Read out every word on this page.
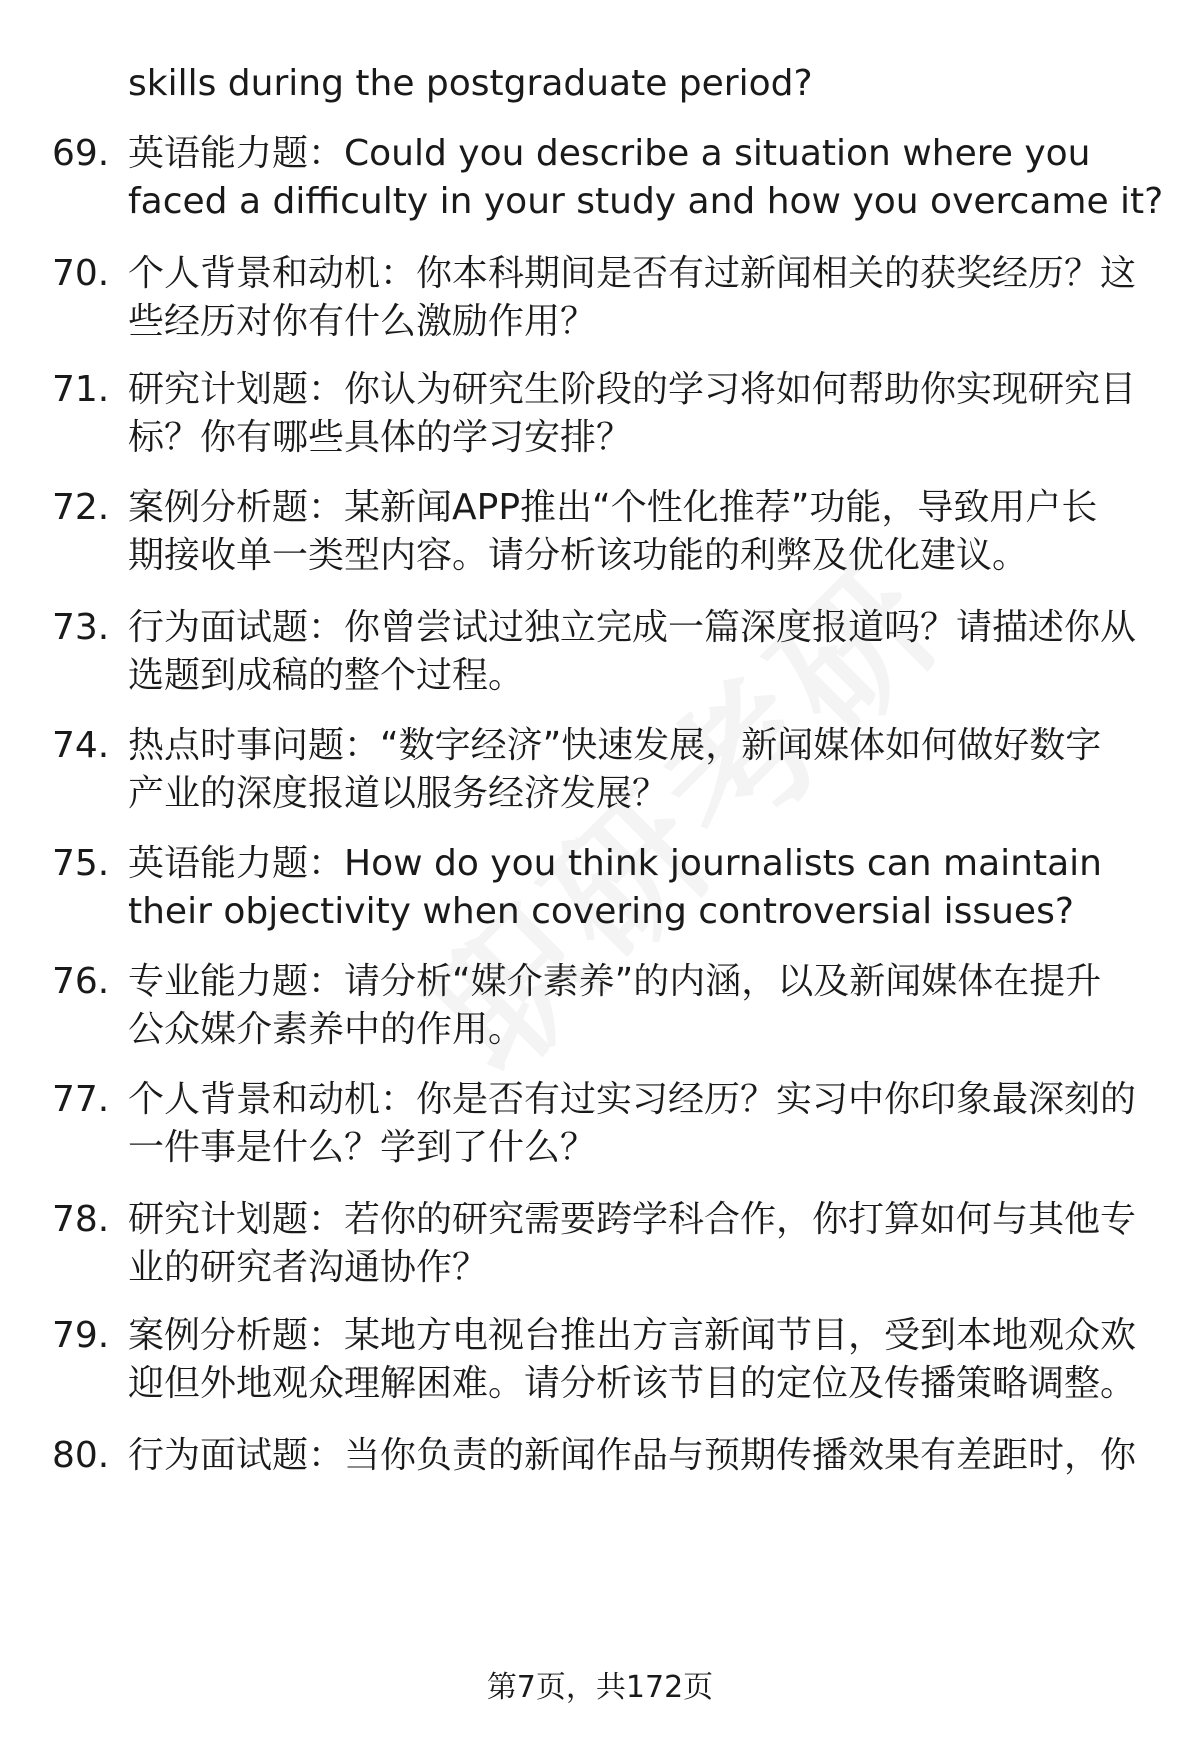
skills during the postgraduate period?
69. 英语能力题：Could you describe a situation where you
faced a difficulty in your study and how you overcame it?
70. 个人背景和动机：你本科期间是否有过新闻相关的获奖经历？这
些经历对你有什么激励作用？
71. 研究计划题：你认为研究生阶段的学习将如何帮助你实现研究目
标？你有哪些具体的学习安排？
72. 案例分析题：某新闻APP推出“个性化推荐”功能，导致用户长
期接收单一类型内容。请分析该功能的利弊及优化建议。
73. 行为面试题：你曾尝试过独立完成一篇深度报道吗？请描述你从
选题到成稿的整个过程。
74. 热点时事问题：“数字经济”快速发展，新闻媒体如何做好数字
产业的深度报道以服务经济发展？
75. 英语能力题：How do you think journalists can maintain
their objectivity when covering controversial issues?
76. 专业能力题：请分析“媒介素养”的内涵，以及新闻媒体在提升
公众媒介素养中的作用。
77. 个人背景和动机：你是否有过实习经历？实习中你印象最深刻的
一件事是什么？学到了什么？
78. 研究计划题：若你的研究需要跨学科合作，你打算如何与其他专
业的研究者沟通协作？
79. 案例分析题：某地方电视台推出方言新闻节目，受到本地观众欢
迎但外地观众理解困难。请分析该节目的定位及传播策略调整。
80. 行为面试题：当你负责的新闻作品与预期传播效果有差距时，你
第7页，共172页
